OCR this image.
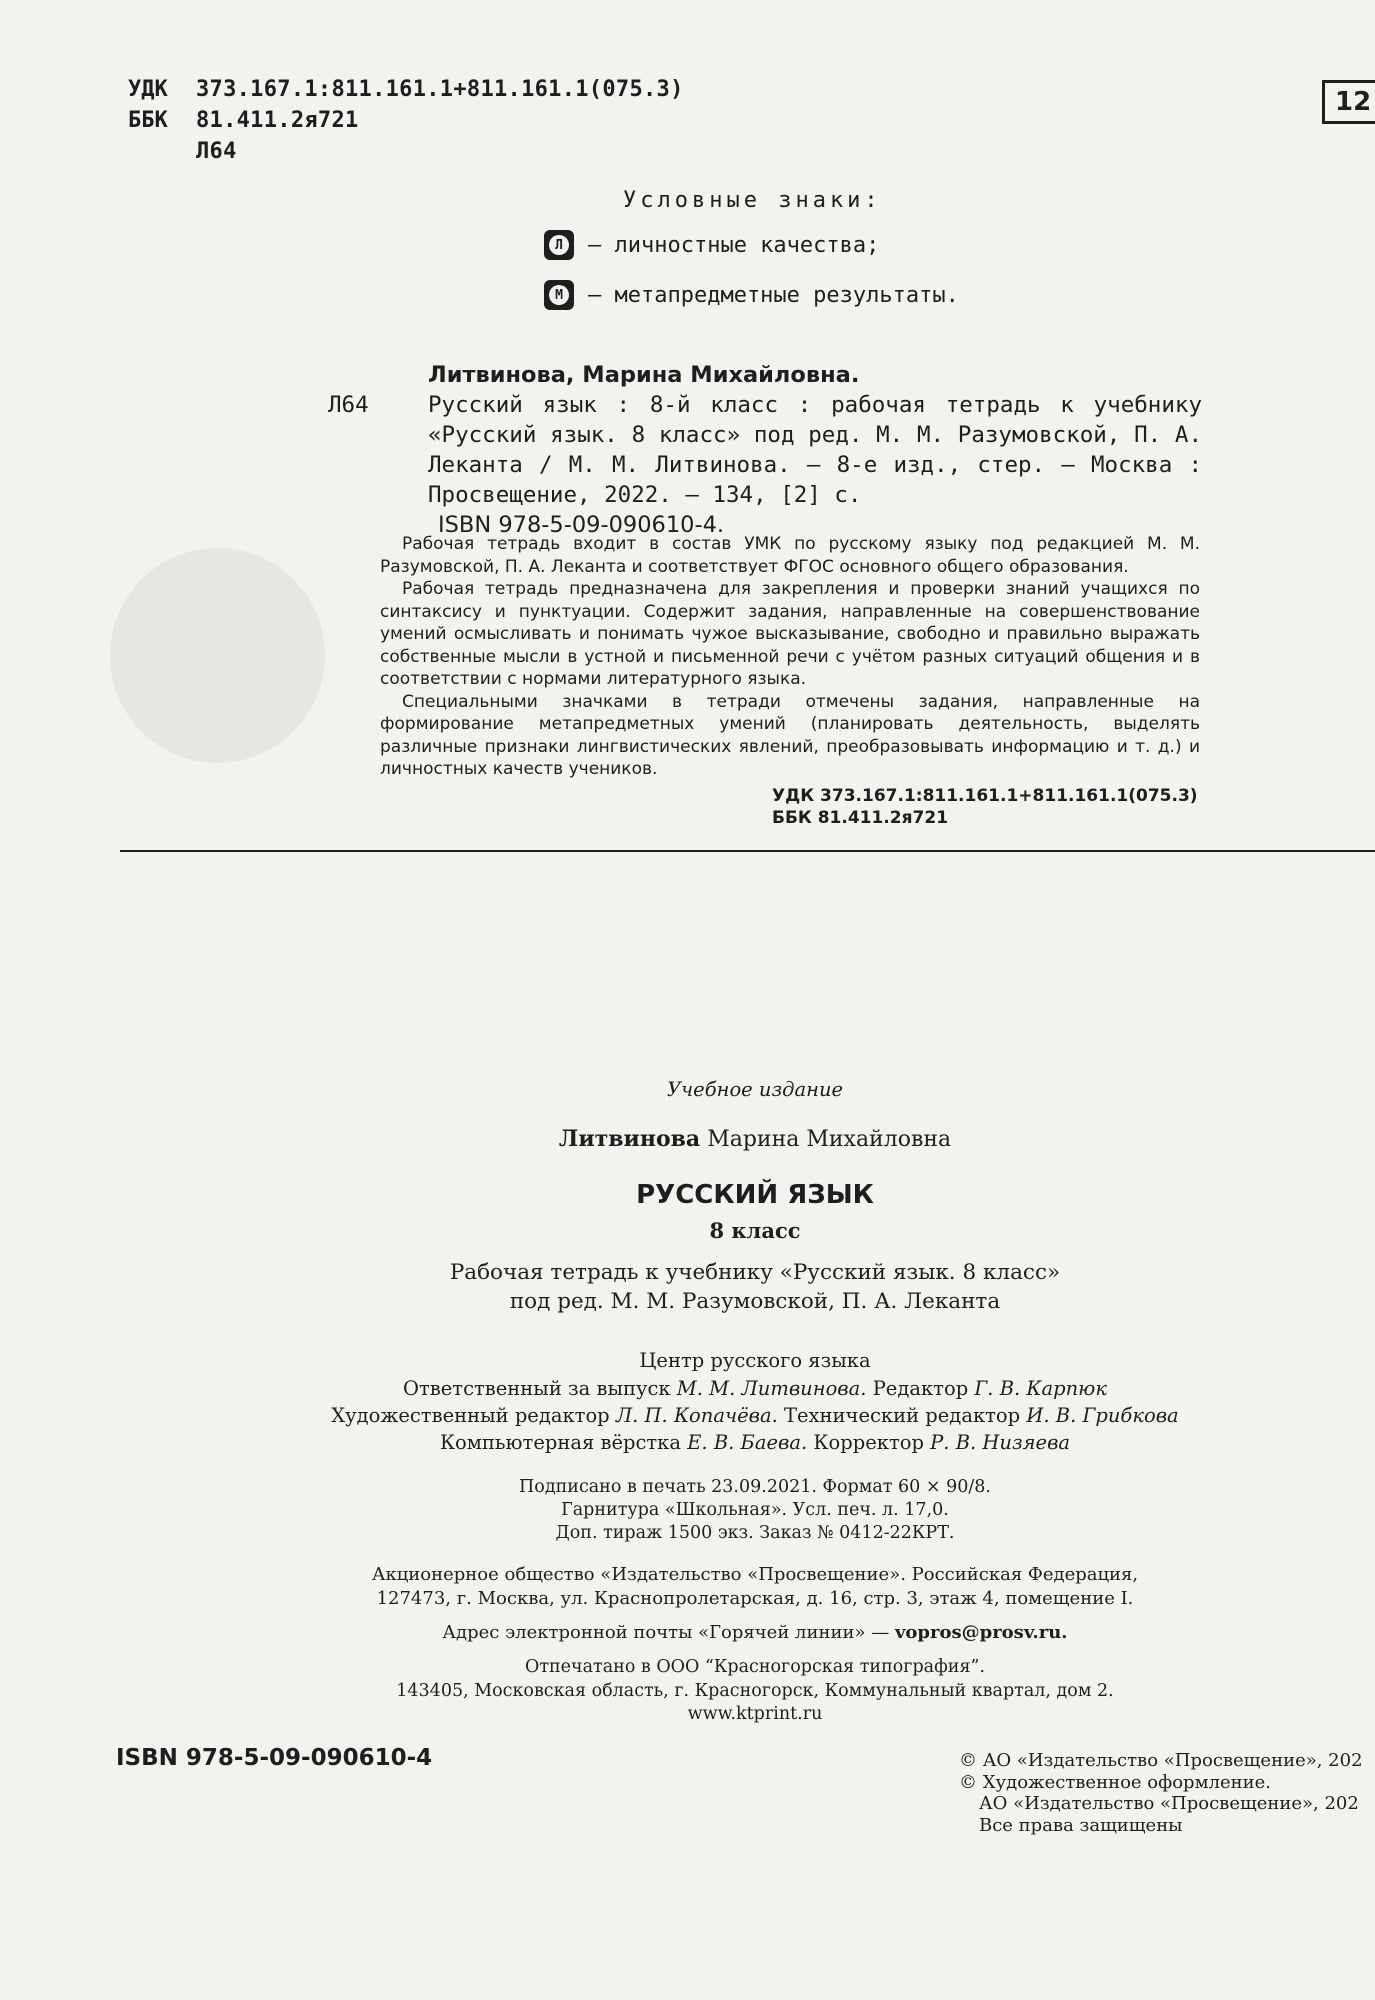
УДК 373.167.1:811.161.1+811.161.1(075.3)
ББК 81.411.2я721
Л64
12
Условные знаки:
Л — личностные качества;
М — метапредметные результаты.
Литвинова, Марина Михайловна.
Л64	Русский язык : 8-й класс : рабочая тетрадь к учебнику «Русский язык. 8 класс» под ред. М. М. Разумовской, П. А. Леканта / М. М. Литвинова. — 8-е изд., стер. — Москва : Просвещение, 2022. — 134, [2] с.
ISBN 978-5-09-090610-4.

Рабочая тетрадь входит в состав УМК по русскому языку под редакцией М. М. Разумовской, П. А. Леканта и соответствует ФГОС основного общего образования.

Рабочая тетрадь предназначена для закрепления и проверки знаний учащихся по синтаксису и пунктуации. Содержит задания, направленные на совершенствование умений осмысливать и понимать чужое высказывание, свободно и правильно выражать собственные мысли в устной и письменной речи с учётом разных ситуаций общения и в соответствии с нормами литературного языка.

Специальными значками в тетради отмечены задания, направленные на формирование метапредметных умений (планировать деятельность, выделять различные признаки лингвистических явлений, преобразовывать информацию и т. д.) и личностных качеств учеников.

УДК 373.167.1:811.161.1+811.161.1(075.3)

ББК 81.411.2я721

Учебное издание
Литвинова Марина Михайловна
РУССКИЙ ЯЗЫК
8 класс
Рабочая тетрадь к учебнику «Русский язык. 8 класс»
под ред. М. М. Разумовской, П. А. Леканта
Центр русского языка
Ответственный за выпуск М. М. Литвинова. Редактор Г. В. Карпюк
Художественный редактор Л. П. Копачёва. Технический редактор И. В. Грибкова
Компьютерная вёрстка Е. В. Баева. Корректор Р. В. Низяева
Подписано в печать 23.09.2021. Формат 60 × 90/8.
Гарнитура «Школьная». Усл. печ. л. 17,0.
Доп. тираж 1500 экз. Заказ № 0412-22КРТ.
Акционерное общество «Издательство «Просвещение». Российская Федерация,
127473, г. Москва, ул. Краснопролетарская, д. 16, стр. 3, этаж 4, помещение I.
Адрес электронной почты «Горячей линии» — vopros@prosv.ru.
Отпечатано в ООО “Красногорская типография”.
143405, Московская область, г. Красногорск, Коммунальный квартал, дом 2.
www.ktprint.ru
ISBN 978-5-09-090610-4	© АО «Издательство «Просвещение», 202
© Художественное оформление.
АО «Издательство «Просвещение», 202
Все права защищены
